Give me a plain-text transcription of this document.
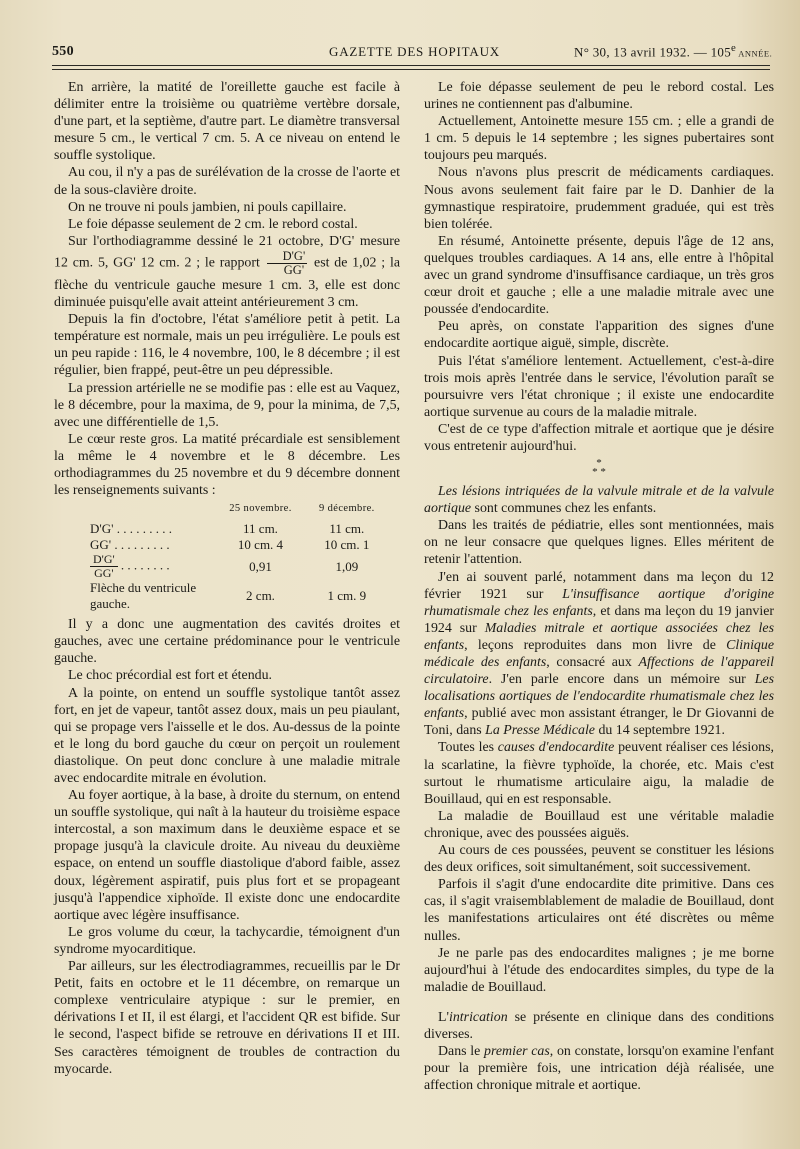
550	GAZETTE DES HOPITAUX	N° 30, 13 avril 1932. — 105e ANNÉE.

En arrière, la matité de l'oreillette gauche est facile à délimiter entre la troisième ou quatrième vertèbre dorsale, d'une part, et la septième, d'autre part. Le diamètre transversal mesure 5 cm., le vertical 7 cm. 5. A ce niveau on entend le souffle systolique.

Au cou, il n'y a pas de surélévation de la crosse de l'aorte et de la sous-clavière droite.

On ne trouve ni pouls jambien, ni pouls capillaire.

Le foie dépasse seulement de 2 cm. le rebord costal.

Sur l'orthodiagramme dessiné le 21 octobre, D'G' mesure 12 cm. 5, GG' 12 cm. 2 ; le rapport $\frac{D'G'}{GG'}$ est de 1,02 ; la flèche du ventricule gauche mesure 1 cm. 3, elle est donc diminuée puisqu'elle avait atteint antérieurement 3 cm.

Depuis la fin d'octobre, l'état s'améliore petit à petit. La température est normale, mais un peu irrégulière. Le pouls est un peu rapide : 116, le 4 novembre, 100, le 8 décembre ; il est régulier, bien frappé, peut-être un peu dépressible.

La pression artérielle ne se modifie pas : elle est au Vaquez, le 8 décembre, pour la maxima, de 9, pour la minima, de 7,5, avec une différentielle de 1,5.

Le cœur reste gros. La matité précardiale est sensiblement la même le 4 novembre et le 8 décembre. Les orthodiagrammes du 25 novembre et du 9 décembre donnent les renseignements suivants :

	25 novembre.	9 décembre.
D'G' . . . . . . . . .	11 cm.	11 cm.
GG' . . . . . . . . .	10 cm. 4	10 cm. 1

$\frac{D'G'}{GG'}$ . . . . . . . .	0,91	1,09
Flèche du ventricule gauche.	2 cm.	1 cm. 9

Il y a donc une augmentation des cavités droites et gauches, avec une certaine prédominance pour le ventricule gauche.

Le choc précordial est fort et étendu.

A la pointe, on entend un souffle systolique tantôt assez fort, en jet de vapeur, tantôt assez doux, mais un peu piaulant, qui se propage vers l'aisselle et le dos. Au-dessus de la pointe et le long du bord gauche du cœur on perçoit un roulement diastolique. On peut donc conclure à une maladie mitrale avec endocardite mitrale en évolution.

Au foyer aortique, à la base, à droite du sternum, on entend un souffle systolique, qui naît à la hauteur du troisième espace intercostal, a son maximum dans le deuxième espace et se propage jusqu'à la clavicule droite. Au niveau du deuxième espace, on entend un souffle diastolique d'abord faible, assez doux, légèrement aspiratif, puis plus fort et se propageant jusqu'à l'appendice xiphoïde. Il existe donc une endocardite aortique avec légère insuffisance.

Le gros volume du cœur, la tachycardie, témoignent d'un syndrome myocarditique.

Par ailleurs, sur les électrodiagrammes, recueillis par le Dr Petit, faits en octobre et le 11 décembre, on remarque un complexe ventriculaire atypique : sur le premier, en dérivations I et II, il est élargi, et l'accident QR est bifide. Sur le second, l'aspect bifide se retrouve en dérivations II et III. Ses caractères témoignent de troubles de contraction du myocarde.

Le foie dépasse seulement de peu le rebord costal. Les urines ne contiennent pas d'albumine.

Actuellement, Antoinette mesure 155 cm. ; elle a grandi de 1 cm. 5 depuis le 14 septembre ; les signes pubertaires sont toujours peu marqués.

Nous n'avons plus prescrit de médicaments cardiaques. Nous avons seulement fait faire par le D. Danhier de la gymnastique respiratoire, prudemment graduée, qui est très bien tolérée.

En résumé, Antoinette présente, depuis l'âge de 12 ans, quelques troubles cardiaques. A 14 ans, elle entre à l'hôpital avec un grand syndrome d'insuffisance cardiaque, un très gros cœur droit et gauche ; elle a une maladie mitrale avec une poussée d'endocardite.

Peu après, on constate l'apparition des signes d'une endocardite aortique aiguë, simple, discrète.

Puis l'état s'améliore lentement. Actuellement, c'est-à-dire trois mois après l'entrée dans le service, l'évolution paraît se poursuivre vers l'état chronique ; il existe une endocardite aortique survenue au cours de la maladie mitrale.

C'est de ce type d'affection mitrale et aortique que je désire vous entretenir aujourd'hui.

*
* *

Les lésions intriquées de la valvule mitrale et de la valvule aortique sont communes chez les enfants.

Dans les traités de pédiatrie, elles sont mentionnées, mais on ne leur consacre que quelques lignes. Elles méritent de retenir l'attention.

J'en ai souvent parlé, notamment dans ma leçon du 12 février 1921 sur L'insuffisance aortique d'origine rhumatismale chez les enfants, et dans ma leçon du 19 janvier 1924 sur Maladies mitrale et aortique associées chez les enfants, leçons reproduites dans mon livre de Clinique médicale des enfants, consacré aux Affections de l'appareil circulatoire. J'en parle encore dans un mémoire sur Les localisations aortiques de l'endocardite rhumatismale chez les enfants, publié avec mon assistant étranger, le Dr Giovanni de Toni, dans La Presse Médicale du 14 septembre 1921.

Toutes les causes d'endocardite peuvent réaliser ces lésions, la scarlatine, la fièvre typhoïde, la chorée, etc. Mais c'est surtout le rhumatisme articulaire aigu, la maladie de Bouillaud, qui en est responsable.

La maladie de Bouillaud est une véritable maladie chronique, avec des poussées aiguës.

Au cours de ces poussées, peuvent se constituer les lésions des deux orifices, soit simultanément, soit successivement.

Parfois il s'agit d'une endocardite dite primitive. Dans ces cas, il s'agit vraisemblablement de maladie de Bouillaud, dont les manifestations articulaires ont été discrètes ou même nulles.

Je ne parle pas des endocardites malignes ; je me borne aujourd'hui à l'étude des endocardites simples, du type de la maladie de Bouillaud.

L'intrication se présente en clinique dans des conditions diverses.

Dans le premier cas, on constate, lorsqu'on examine l'enfant pour la première fois, une intrication déjà réalisée, une affection chronique mitrale et aortique.
